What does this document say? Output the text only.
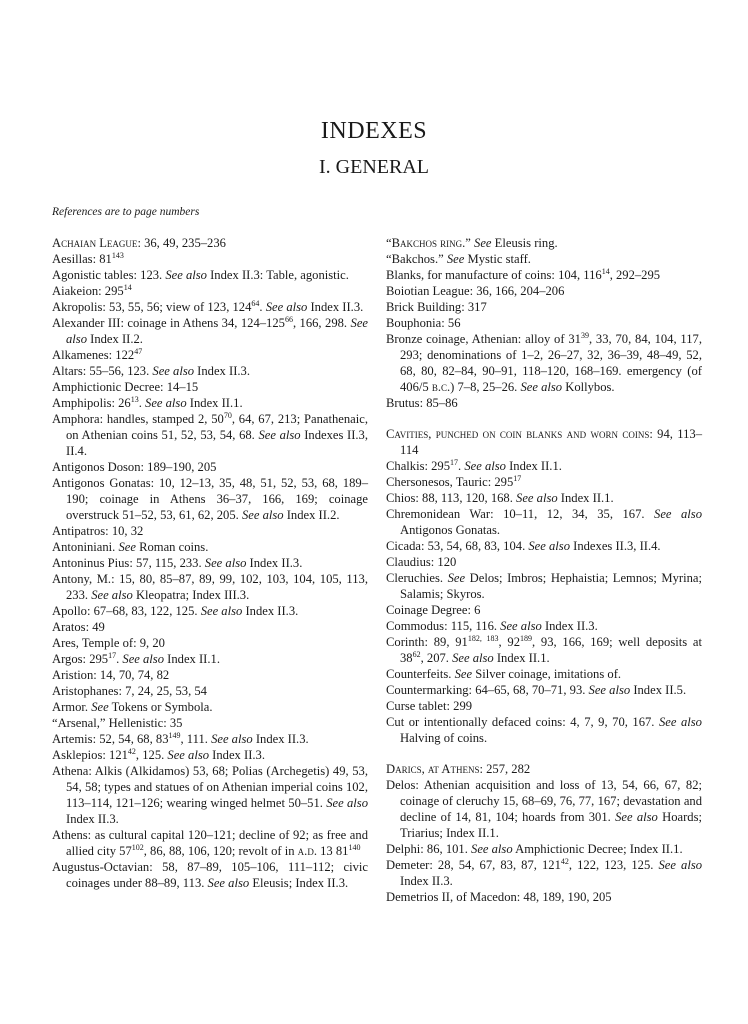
INDEXES
I. GENERAL
References are to page numbers
Achaian League: 36, 49, 235–236
Aesillas: $81^{143}$
Agonistic tables: 123. See also Index II.3: Table, agonistic.
Aiakeion: $295^{14}$
Akropolis: 53, 55, 56; view of 123, $124^{64}$. See also Index II.3.
Alexander III: coinage in Athens 34, $124-125^{66}$, 166, 298. See also Index II.2.
Alkamenes: $122^{47}$
Altars: 55–56, 123. See also Index II.3.
Amphictionic Decree: 14–15
Amphipolis: $26^{13}$. See also Index II.1.
Amphora: handles, stamped 2, $50^{70}$, 64, 67, 213; Panathenaic, on Athenian coins 51, 52, 53, 54, 68. See also Indexes II.3, II.4.
Antigonos Doson: 189–190, 205
Antigonos Gonatas: 10, 12–13, 35, 48, 51, 52, 53, 68, 189–190; coinage in Athens 36–37, 166, 169; coinage overstruck 51–52, 53, 61, 62, 205. See also Index II.2.
Antipatros: 10, 32
Antoniniani. See Roman coins.
Antoninus Pius: 57, 115, 233. See also Index II.3.
Antony, M.: 15, 80, 85–87, 89, 99, 102, 103, 104, 105, 113, 233. See also Kleopatra; Index III.3.
Apollo: 67–68, 83, 122, 125. See also Index II.3.
Aratos: 49
Ares, Temple of: 9, 20
Argos: $295^{17}$. See also Index II.1.
Aristion: 14, 70, 74, 82
Aristophanes: 7, 24, 25, 53, 54
Armor. See Tokens or Symbola.
“Arsenal,” Hellenistic: 35
Artemis: 52, 54, 68, $83^{149}$, 111. See also Index II.3.
Asklepios: $121^{42}$, 125. See also Index II.3.
Athena: Alkis (Alkidamos) 53, 68; Polias (Archegetis) 49, 53, 54, 58; types and statues of on Athenian imperial coins 102, 113–114, 121–126; wearing winged helmet 50–51. See also Index II.3.
Athens: as cultural capital 120–121; decline of 92; as free and allied city $57^{102}$, 86, 88, 106, 120; revolt of in a.d. 13 $81^{140}$
Augustus-Octavian: 58, 87–89, 105–106, 111–112; civic coinages under 88–89, 113. See also Eleusis; Index II.3.
“Bakchos ring.” See Eleusis ring.
“Bakchos.” See Mystic staff.
Blanks, for manufacture of coins: 104, $116^{14}$, 292–295
Boiotian League: 36, 166, 204–206
Brick Building: 317
Bouphonia: 56
Bronze coinage, Athenian: alloy of $31^{39}$, 33, 70, 84, 104, 117, 293; denominations of 1–2, 26–27, 32, 36–39, 48–49, 52, 68, 80, 82–84, 90–91, 118–120, 168–169. emergency (of 406/5 b.c.) 7–8, 25–26. See also Kollybos.
Brutus: 85–86
Cavities, punched on coin blanks and worn coins: 94, 113–114
Chalkis: $295^{17}$. See also Index II.1.
Chersonesos, Tauric: $295^{17}$
Chios: 88, 113, 120, 168. See also Index II.1.
Chremonidean War: 10–11, 12, 34, 35, 167. See also Antigonos Gonatas.
Cicada: 53, 54, 68, 83, 104. See also Indexes II.3, II.4.
Claudius: 120
Cleruchies. See Delos; Imbros; Hephaistia; Lemnos; Myrina; Salamis; Skyros.
Coinage Degree: 6
Commodus: 115, 116. See also Index II.3.
Corinth: 89, 91$^{182, 183}$, $92^{189}$, 93, 166, 169; well deposits at $38^{62}$, 207. See also Index II.1.
Counterfeits. See Silver coinage, imitations of.
Countermarking: 64–65, 68, 70–71, 93. See also Index II.5.
Curse tablet: 299
Cut or intentionally defaced coins: 4, 7, 9, 70, 167. See also Halving of coins.
Darics, at Athens: 257, 282
Delos: Athenian acquisition and loss of 13, 54, 66, 67, 82; coinage of cleruchy 15, 68–69, 76, 77, 167; devastation and decline of 14, 81, 104; hoards from 301. See also Hoards; Triarius; Index II.1.
Delphi: 86, 101. See also Amphictionic Decree; Index II.1.
Demeter: 28, 54, 67, 83, 87, $121^{42}$, 122, 123, 125. See also Index II.3.
Demetrios II, of Macedon: 48, 189, 190, 205
